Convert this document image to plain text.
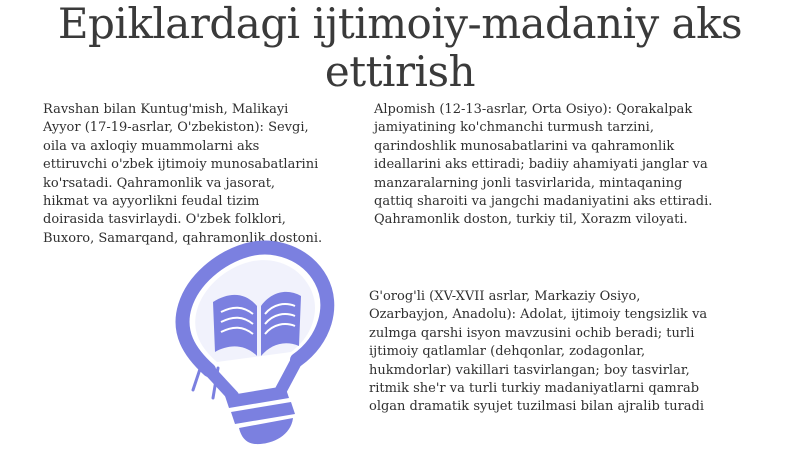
Epiklardagi ijtimoiy-madaniy aks ettirish

Ravshan bilan Kuntug'mish, Malikayi
Ayyor (17-19-asrlar, O'zbekiston): Sevgi,
oila va axloqiy muammolarni aks
ettiruvchi o'zbek ijtimoiy munosabatlarini
ko'rsatadi. Qahramonlik va jasorat,
hikmat va ayyorlikni feudal tizim
doirasida tasvirlaydi. O'zbek folklori,
Buxoro, Samarqand, qahramonlik dostoni.

Alpomish (12-13-asrlar, Orta Osiyo): Qorakalpak
jamiyatining ko'chmanchi turmush tarzini,
qarindoshlik munosabatlarini va qahramonlik
ideallarini aks ettiradi; badiiy ahamiyati janglar va
manzaralarning jonli tasvirlarida, mintaqaning
qattiq sharoiti va jangchi madaniyatini aks ettiradi.
Qahramonlik doston, turkiy til, Xorazm viloyati.

G'orog'li (XV-XVII asrlar, Markaziy Osiyo,
Ozarbayjon, Anadolu): Adolat, ijtimoiy tengsizlik va
zulmga qarshi isyon mavzusini ochib beradi; turli
ijtimoiy qatlamlar (dehqonlar, zodagonlar,
hukmdorlar) vakillari tasvirlangan; boy tasvirlar,
ritmik she'r va turli turkiy madaniyatlarni qamrab
olgan dramatik syujet tuzilmasi bilan ajralib turadi
